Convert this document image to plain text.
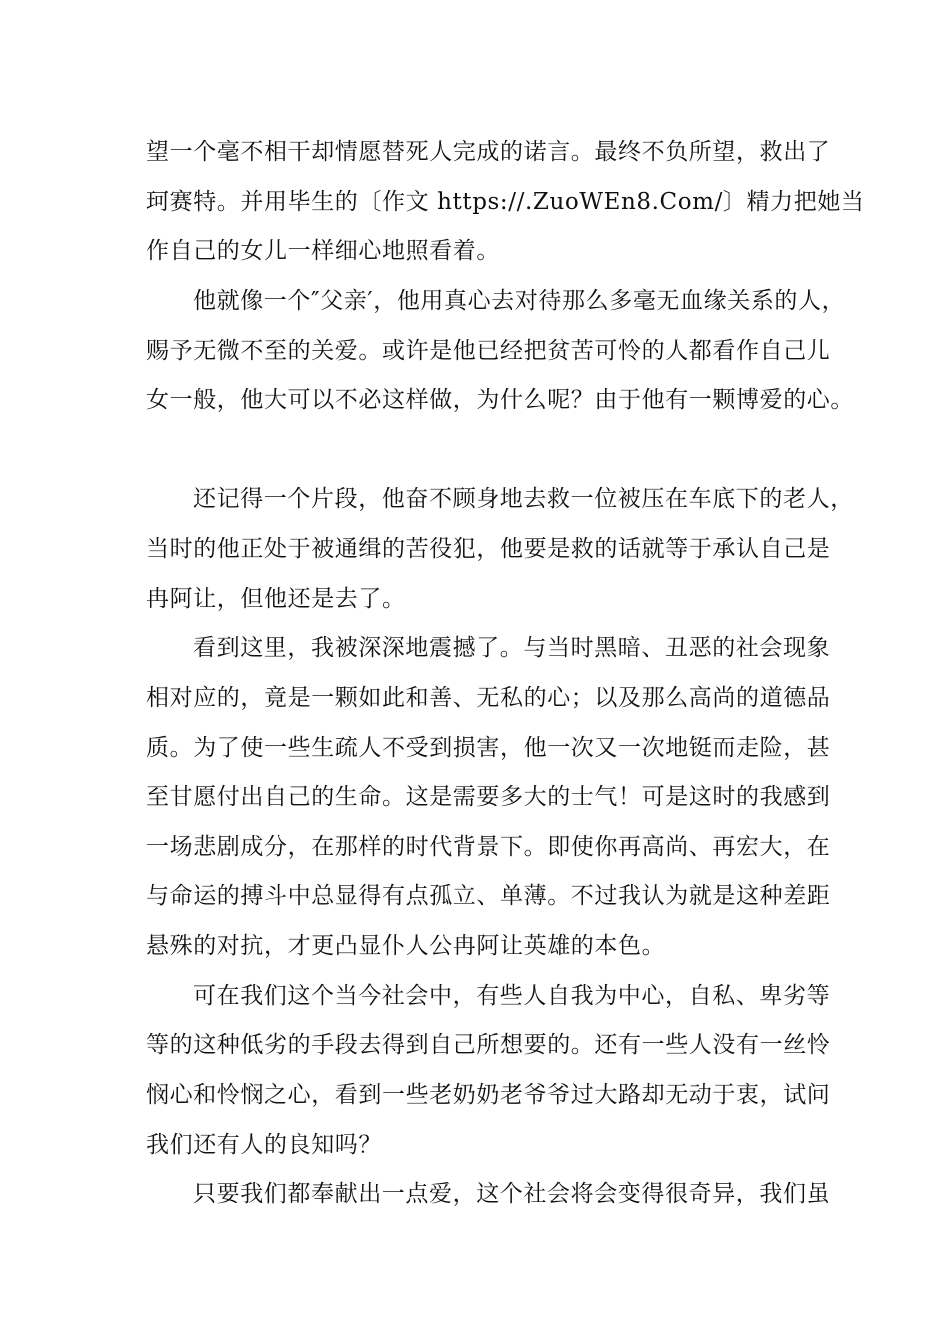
望一个毫不相干却情愿替死人完成的诺言。最终不负所望，救出了

珂赛特。并用毕生的〔作文 https://.ZuoWEn8.Com/〕精力把她当

作自己的女儿一样细心地照看着。

他就像一个″父亲′，他用真心去对待那么多毫无血缘关系的人，

赐予无微不至的关爱。或许是他已经把贫苦可怜的人都看作自己儿

女一般，他大可以不必这样做，为什么呢？由于他有一颗博爱的心。

还记得一个片段，他奋不顾身地去救一位被压在车底下的老人，

当时的他正处于被通缉的苦役犯，他要是救的话就等于承认自己是

冉阿让，但他还是去了。

看到这里，我被深深地震撼了。与当时黑暗、丑恶的社会现象

相对应的，竟是一颗如此和善、无私的心；以及那么高尚的道德品

质。为了使一些生疏人不受到损害，他一次又一次地铤而走险，甚

至甘愿付出自己的生命。这是需要多大的士气！可是这时的我感到

一场悲剧成分，在那样的时代背景下。即使你再高尚、再宏大，在

与命运的搏斗中总显得有点孤立、单薄。不过我认为就是这种差距

悬殊的对抗，才更凸显仆人公冉阿让英雄的本色。

可在我们这个当今社会中，有些人自我为中心，自私、卑劣等

等的这种低劣的手段去得到自己所想要的。还有一些人没有一丝怜

悯心和怜悯之心，看到一些老奶奶老爷爷过大路却无动于衷，试问

我们还有人的良知吗？

只要我们都奉献出一点爱，这个社会将会变得很奇异，我们虽
